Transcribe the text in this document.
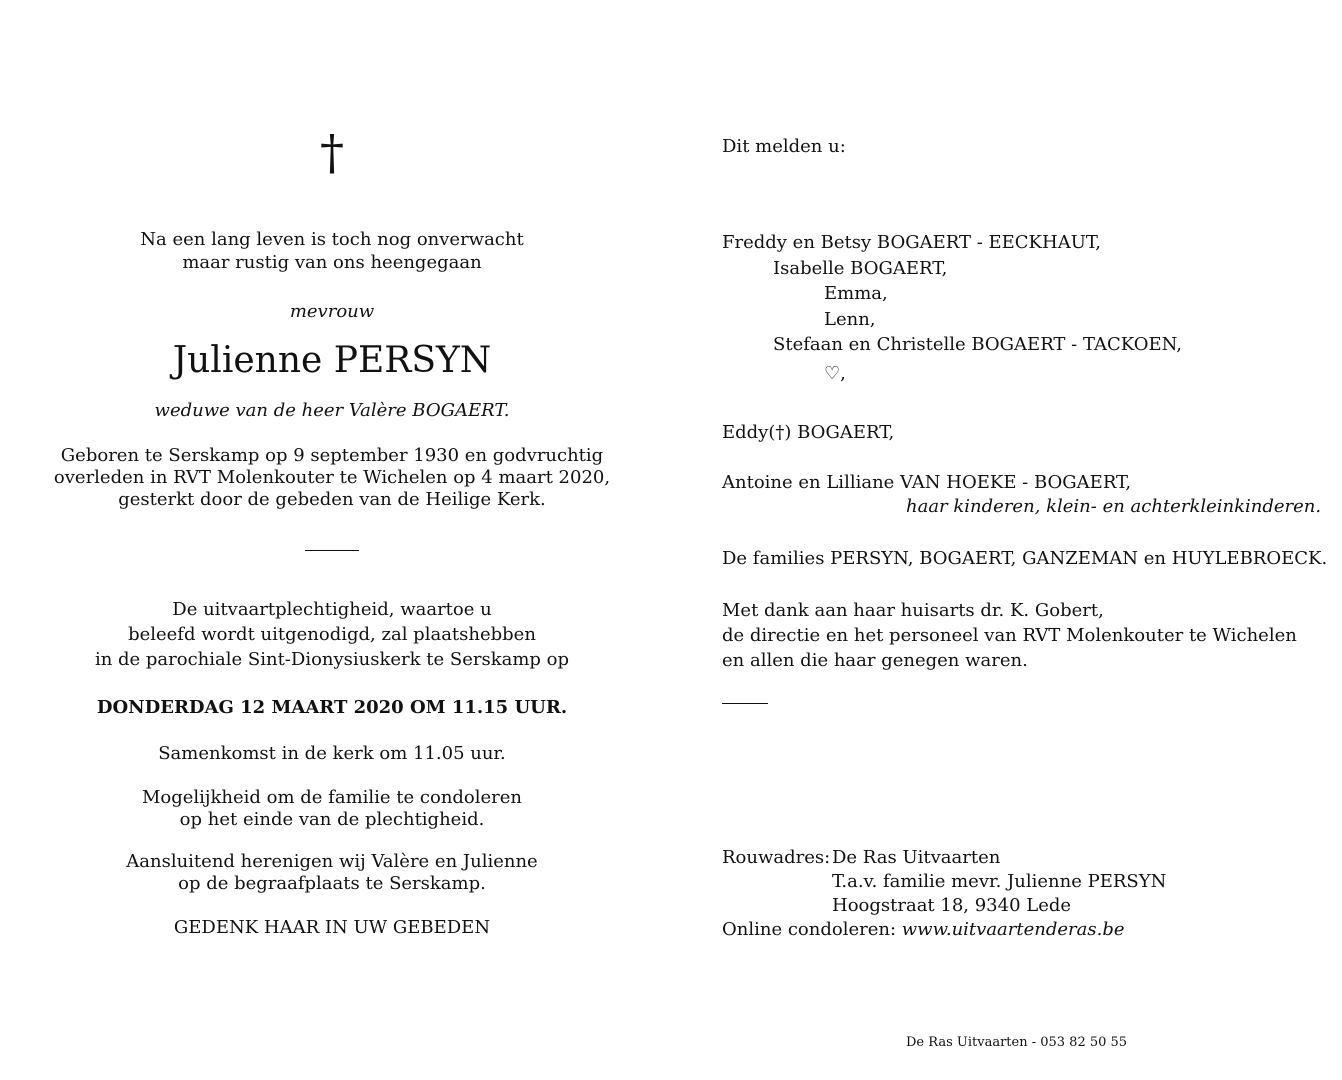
†
Na een lang leven is toch nog onverwacht
maar rustig van ons heengegaan
mevrouw
Julienne PERSYN
weduwe van de heer Valère BOGAERT.
Geboren te Serskamp op 9 september 1930 en godvruchtig
overleden in RVT Molenkouter te Wichelen op 4 maart 2020,
gesterkt door de gebeden van de Heilige Kerk.
De uitvaartplechtigheid, waartoe u
beleefd wordt uitgenodigd, zal plaatshebben
in de parochiale Sint-Dionysiuskerk te Serskamp op
DONDERDAG 12 MAART 2020 OM 11.15 UUR.
Samenkomst in de kerk om 11.05 uur.
Mogelijkheid om de familie te condoleren
op het einde van de plechtigheid.
Aansluitend herenigen wij Valère en Julienne
op de begraafplaats te Serskamp.
GEDENK HAAR IN UW GEBEDEN
Dit melden u:
Freddy en Betsy BOGAERT - EECKHAUT,
Isabelle BOGAERT,
Emma,
Lenn,
Stefaan en Christelle BOGAERT - TACKOEN,
♡,
Eddy(†) BOGAERT,
Antoine en Lilliane VAN HOEKE - BOGAERT,
haar kinderen, klein- en achterkleinkinderen.
De families PERSYN, BOGAERT, GANZEMAN en HUYLEBROECK.
Met dank aan haar huisarts dr. K. Gobert,
de directie en het personeel van RVT Molenkouter te Wichelen
en allen die haar genegen waren.
Rouwadres: De Ras Uitvaarten
T.a.v. familie mevr. Julienne PERSYN
Hoogstraat 18, 9340 Lede
Online condoleren: www.uitvaartenderas.be
De Ras Uitvaarten - 053 82 50 55
